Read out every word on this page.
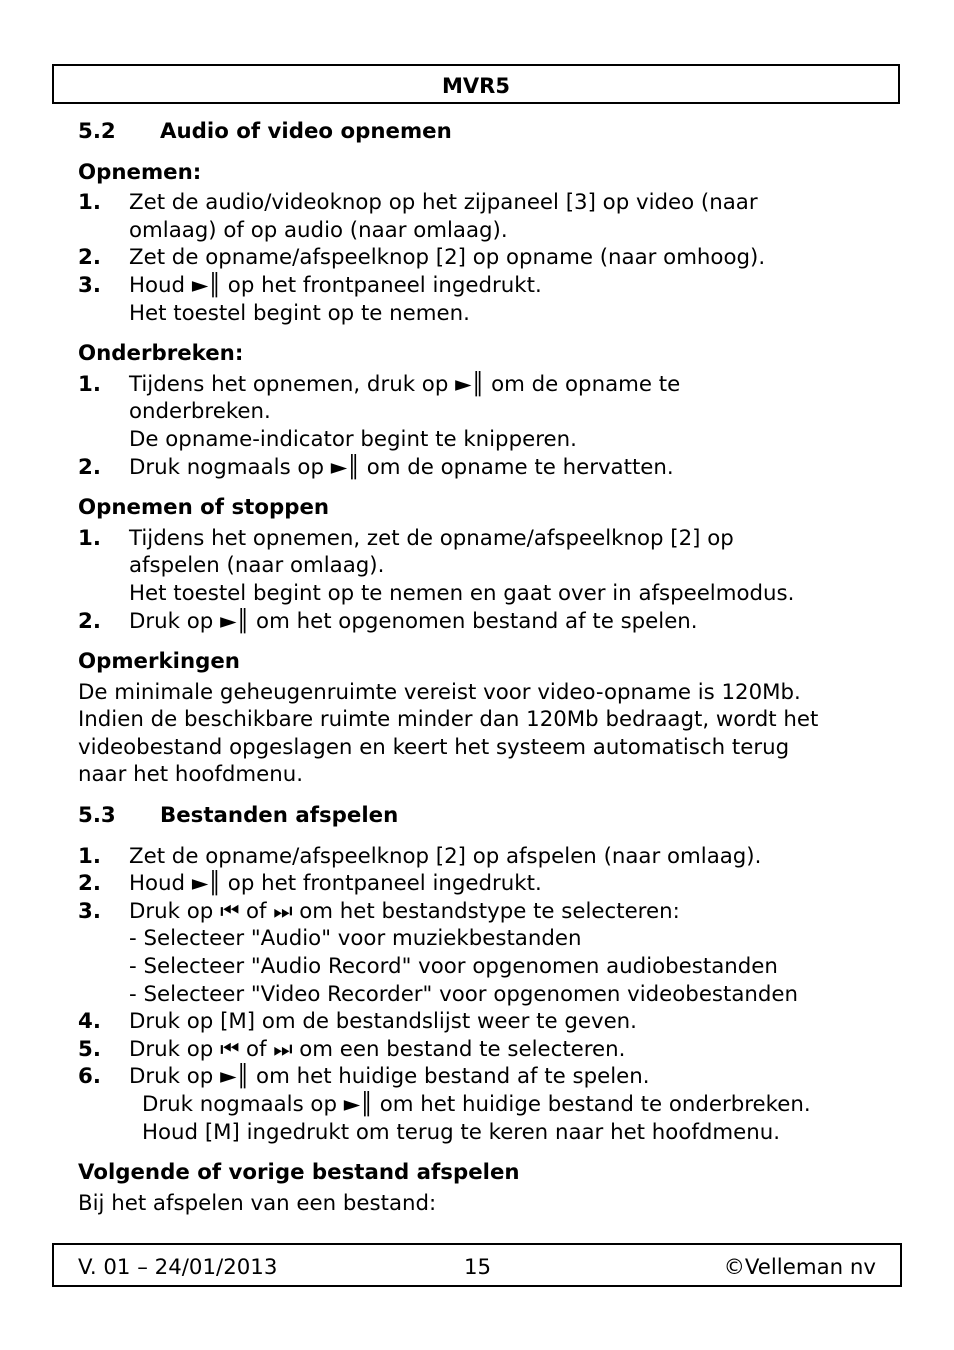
MVR5
5.2 Audio of video opnemen
Opnemen:
1. Zet de audio/videoknop op het zijpaneel [3] op video (naar
omlaag) of op audio (naar omlaag).
2. Zet de opname/afspeelknop [2] op opname (naar omhoog).
3. Houd ►║ op het frontpaneel ingedrukt.
Het toestel begint op te nemen.
Onderbreken:
1. Tijdens het opnemen, druk op ►║ om de opname te
onderbreken.
De opname-indicator begint te knipperen.
2. Druk nogmaals op ►║ om de opname te hervatten.
Opnemen of stoppen
1. Tijdens het opnemen, zet de opname/afspeelknop [2] op
afspelen (naar omlaag).
Het toestel begint op te nemen en gaat over in afspeelmodus.
2. Druk op ►║ om het opgenomen bestand af te spelen.
Opmerkingen
De minimale geheugenruimte vereist voor video-opname is 120Mb.
Indien de beschikbare ruimte minder dan 120Mb bedraagt, wordt het
videobestand opgeslagen en keert het systeem automatisch terug
naar het hoofdmenu.
5.3 Bestanden afspelen
1. Zet de opname/afspeelknop [2] op afspelen (naar omlaag).
2. Houd ►║ op het frontpaneel ingedrukt.
3. Druk op ⏮ of ⏭ om het bestandstype te selecteren:
- Selecteer "Audio" voor muziekbestanden
- Selecteer "Audio Record" voor opgenomen audiobestanden
- Selecteer "Video Recorder" voor opgenomen videobestanden
4. Druk op [M] om de bestandslijst weer te geven.
5. Druk op ⏮ of ⏭ om een bestand te selecteren.
6. Druk op ►║ om het huidige bestand af te spelen.
Druk nogmaals op ►║ om het huidige bestand te onderbreken.
Houd [M] ingedrukt om terug te keren naar het hoofdmenu.
Volgende of vorige bestand afspelen
Bij het afspelen van een bestand:
V. 01 – 24/01/2013	15	©Velleman nv
